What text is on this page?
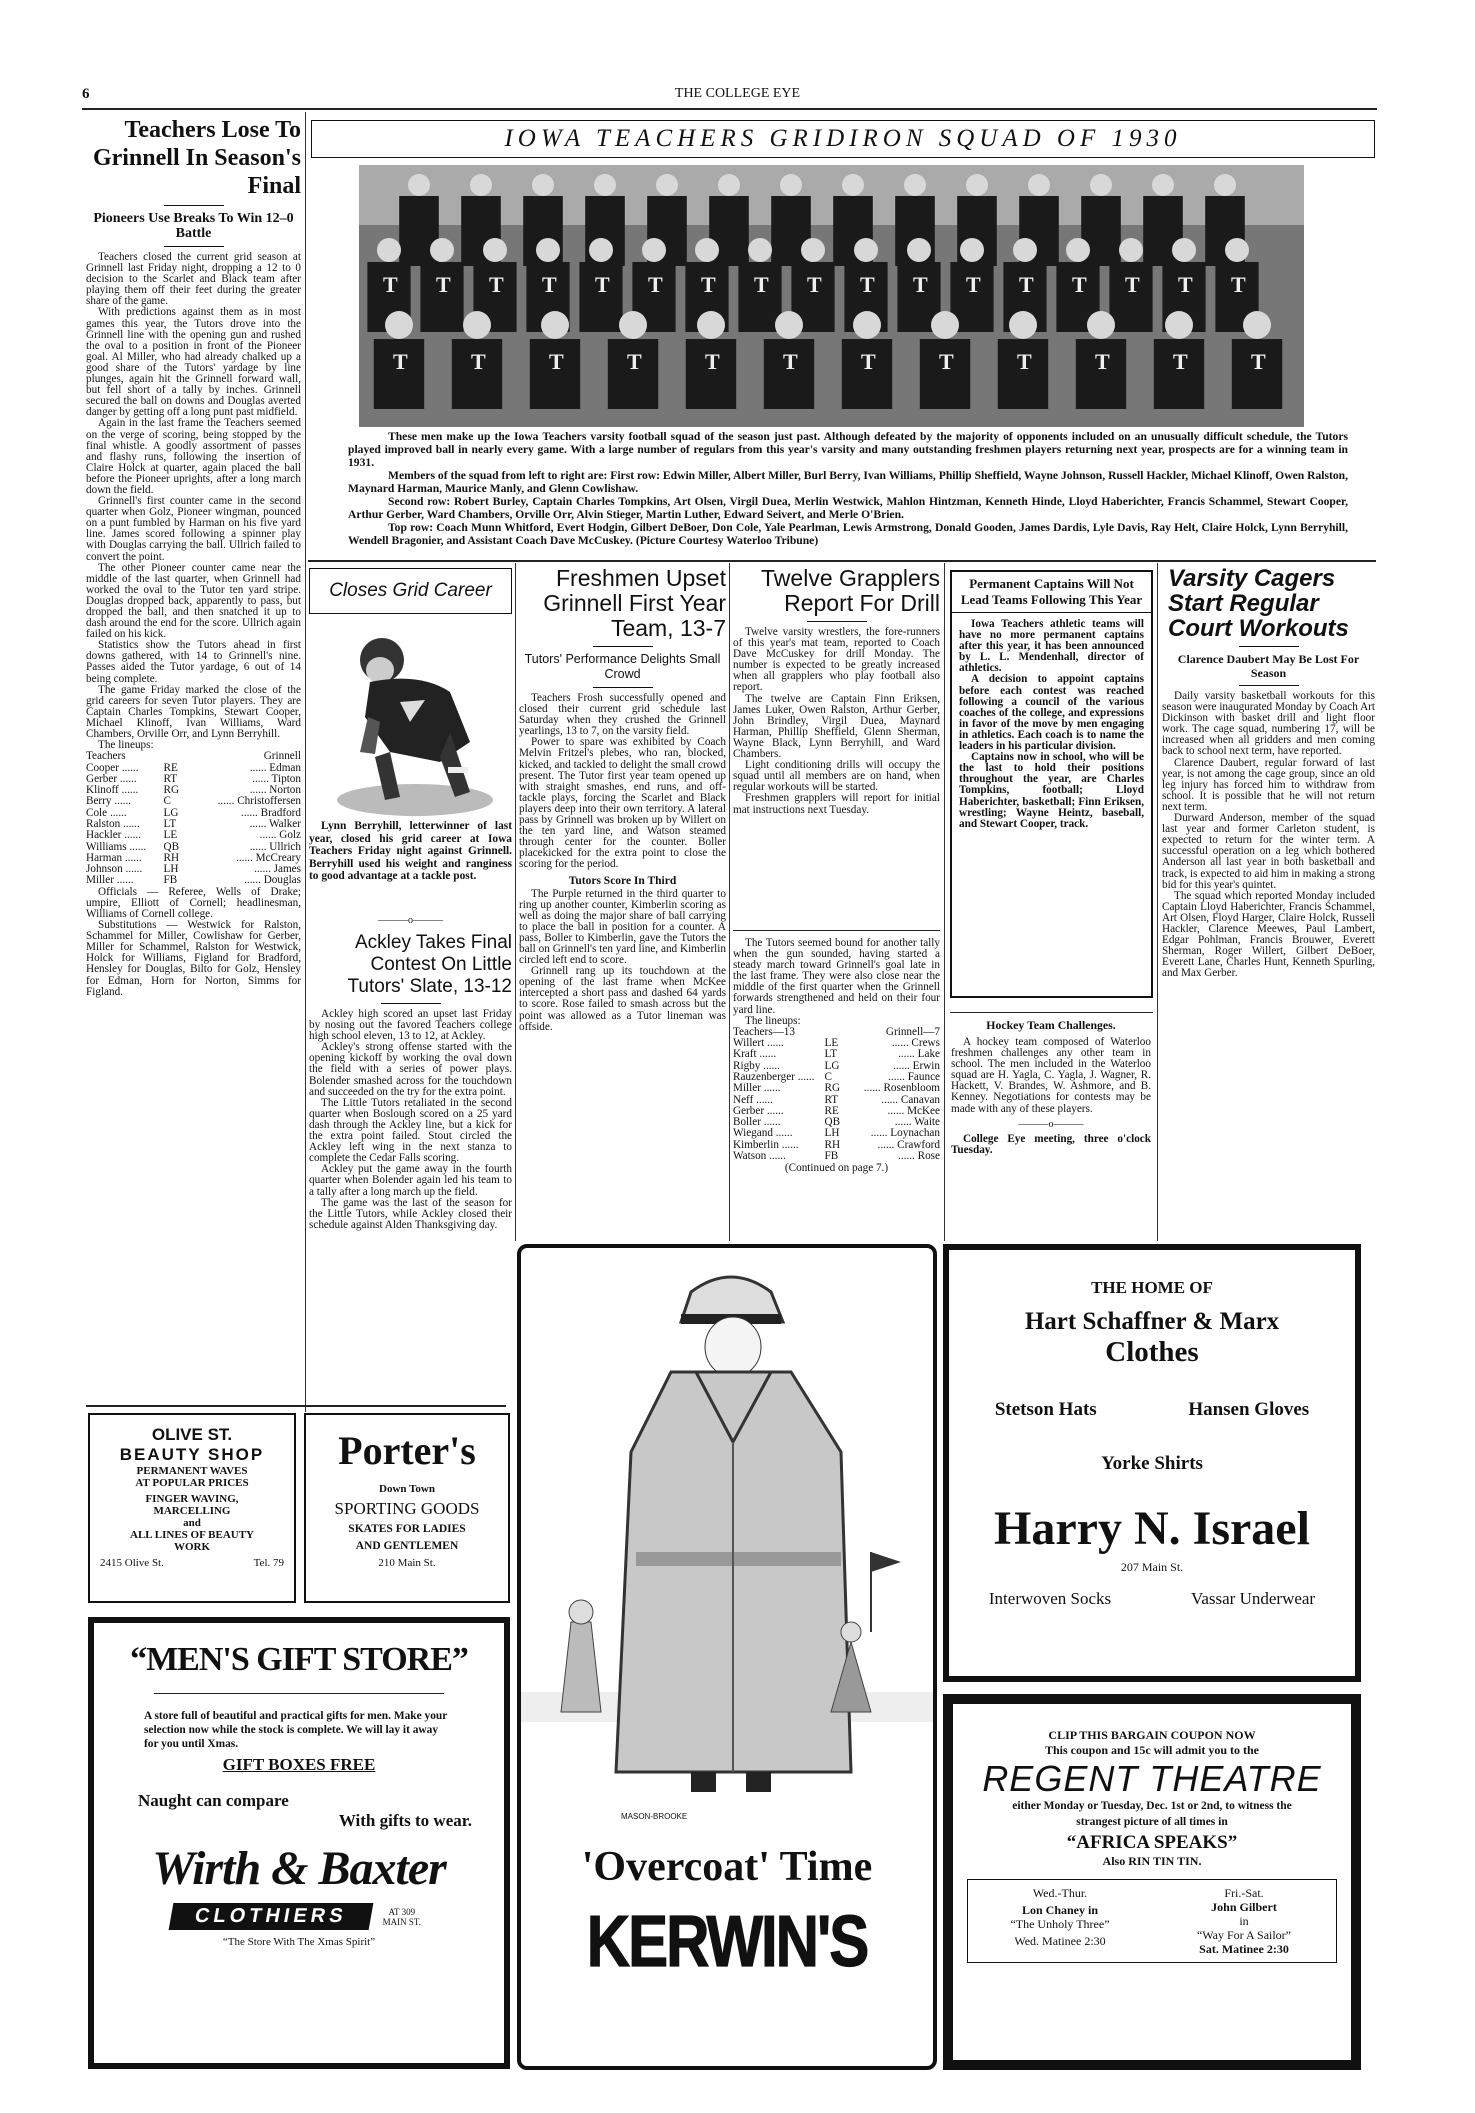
6	THE COLLEGE EYE
Teachers Lose To Grinnell In Season's Final
Pioneers Use Breaks To Win 12–0 Battle

Teachers closed the current grid season at Grinnell last Friday night, dropping a 12 to 0 decision to the Scarlet and Black team after playing them off their feet during the greater share of the game.

With predictions against them as in most games this year, the Tutors drove into the Grinnell line with the opening gun and rushed the oval to a position in front of the Pioneer goal. Al Miller, who had already chalked up a good share of the Tutors' yardage by line plunges, again hit the Grinnell forward wall, but fell short of a tally by inches. Grinnell secured the ball on downs and Douglas averted danger by getting off a long punt past midfield.

Again in the last frame the Teachers seemed on the verge of scoring, being stopped by the final whistle. A goodly assortment of passes and flashy runs, following the insertion of Claire Holck at quarter, again placed the ball before the Pioneer uprights, after a long march down the field.

Grinnell's first counter came in the second quarter when Golz, Pioneer wingman, pounced on a punt fumbled by Harman on his five yard line. James scored following a spinner play with Douglas carrying the ball. Ullrich failed to convert the point.

The other Pioneer counter came near the middle of the last quarter, when Grinnell had worked the oval to the Tutor ten yard stripe. Douglas dropped back, apparently to pass, but dropped the ball, and then snatched it up to dash around the end for the score. Ullrich again failed on his kick.

Statistics show the Tutors ahead in first downs gathered, with 14 to Grinnell's nine. Passes aided the Tutor yardage, 6 out of 14 being complete.

The game Friday marked the close of the grid careers for seven Tutor players. They are Captain Charles Tompkins, Stewart Cooper, Michael Klinoff, Ivan Williams, Ward Chambers, Orville Orr, and Lynn Berryhill.

The lineups:

Teachers		Grinnell
Cooper ......	RE	...... Edman
Gerber ......	RT	...... Tipton
Klinoff ......	RG	...... Norton
Berry ......	C	...... Christoffersen
Cole ......	LG	...... Bradford
Ralston ......	LT	...... Walker
Hackler ......	LE	...... Golz
Williams ......	QB	...... Ullrich
Harman ......	RH	...... McCreary
Johnson ......	LH	...... James
Miller ......	FB	...... Douglas

Officials — Referee, Wells of Drake; umpire, Elliott of Cornell; headlinesman, Williams of Cornell college.

Substitutions — Westwick for Ralston, Schammel for Miller, Cowlishaw for Gerber, Miller for Schammel, Ralston for Westwick, Holck for Williams, Figland for Bradford, Hensley for Douglas, Bilto for Golz, Hensley for Edman, Horn for Norton, Simms for Figland.

IOWA TEACHERS GRIDIRON SQUAD OF 1930
T T T T T T T T T T T T T T T T T
T	T	T	T	T	T	T	T	T	T	T	T

These men make up the Iowa Teachers varsity football squad of the season just past. Although defeated by the majority of opponents included on an unusually difficult schedule, the Tutors played improved ball in nearly every game. With a large number of regulars from this year's varsity and many outstanding freshmen players returning next year, prospects are for a winning team in 1931.

Members of the squad from left to right are: First row: Edwin Miller, Albert Miller, Burl Berry, Ivan Williams, Phillip Sheffield, Wayne Johnson, Russell Hackler, Michael Klinoff, Owen Ralston, Maynard Harman, Maurice Manly, and Glenn Cowlishaw.

Second row: Robert Burley, Captain Charles Tompkins, Art Olsen, Virgil Duea, Merlin Westwick, Mahlon Hintzman, Kenneth Hinde, Lloyd Haberichter, Francis Schammel, Stewart Cooper, Arthur Gerber, Ward Chambers, Orville Orr, Alvin Stieger, Martin Luther, Edward Seivert, and Merle O'Brien.

Top row: Coach Munn Whitford, Evert Hodgin, Gilbert DeBoer, Don Cole, Yale Pearlman, Lewis Armstrong, Donald Gooden, James Dardis, Lyle Davis, Ray Helt, Claire Holck, Lynn Berryhill, Wendell Bragonier, and Assistant Coach Dave McCuskey. (Picture Courtesy Waterloo Tribune)

Closes Grid Career
Lynn Berryhill, letterwinner of last year, closed his grid career at Iowa Teachers Friday night against Grinnell. Berryhill used his weight and ranginess to good advantage at a tackle post.
———o———
Ackley Takes Final Contest On Little Tutors' Slate, 13-12

Ackley high scored an upset last Friday by nosing out the favored Teachers college high school eleven, 13 to 12, at Ackley.

Ackley's strong offense started with the opening kickoff by working the oval down the field with a series of power plays. Bolender smashed across for the touchdown and succeeded on the try for the extra point.

The Little Tutors retaliated in the second quarter when Boslough scored on a 25 yard dash through the Ackley line, but a kick for the extra point failed. Stout circled the Ackley left wing in the next stanza to complete the Cedar Falls scoring.

Ackley put the game away in the fourth quarter when Bolender again led his team to a tally after a long march up the field.

The game was the last of the season for the Little Tutors, while Ackley closed their schedule against Alden Thanksgiving day.

Freshmen Upset Grinnell First Year Team, 13-7
Tutors' Performance Delights Small Crowd

Teachers Frosh successfully opened and closed their current grid schedule last Saturday when they crushed the Grinnell yearlings, 13 to 7, on the varsity field.

Power to spare was exhibited by Coach Melvin Fritzel's plebes, who ran, blocked, kicked, and tackled to delight the small crowd present. The Tutor first year team opened up with straight smashes, end runs, and off-tackle plays, forcing the Scarlet and Black players deep into their own territory. A lateral pass by Grinnell was broken up by Willert on the ten yard line, and Watson steamed through center for the counter. Boller placekicked for the extra point to close the scoring for the period.

Tutors Score In Third

The Purple returned in the third quarter to ring up another counter, Kimberlin scoring as well as doing the major share of ball carrying to place the ball in position for a counter. A pass, Boller to Kimberlin, gave the Tutors the ball on Grinnell's ten yard line, and Kimberlin circled left end to score.

Grinnell rang up its touchdown at the opening of the last frame when McKee intercepted a short pass and dashed 64 yards to score. Rose failed to smash across but the point was allowed as a Tutor lineman was offside.

Twelve Grapplers Report For Drill

Twelve varsity wrestlers, the fore-runners of this year's mat team, reported to Coach Dave McCuskey for drill Monday. The number is expected to be greatly increased when all grapplers who play football also report.

The twelve are Captain Finn Eriksen, James Luker, Owen Ralston, Arthur Gerber, John Brindley, Virgil Duea, Maynard Harman, Phillip Sheffield, Glenn Sherman, Wayne Black, Lynn Berryhill, and Ward Chambers.

Light conditioning drills will occupy the squad until all members are on hand, when regular workouts will be started.

Freshmen grapplers will report for initial mat instructions next Tuesday.

The Tutors seemed bound for another tally when the gun sounded, having started a steady march toward Grinnell's goal late in the last frame. They were also close near the middle of the first quarter when the Grinnell forwards strengthened and held on their four yard line.

The lineups:

Teachers—13		Grinnell—7
Willert ......	LE	...... Crews
Kraft ......	LT	...... Lake
Rigby ......	LG	...... Erwin
Rauzenberger ......	C	...... Faunce
Miller ......	RG	...... Rosenbloom
Neff ......	RT	...... Canavan
Gerber ......	RE	...... McKee
Boller ......	QB	...... Waite
Wiegand ......	LH	...... Loynachan
Kimberlin ......	RH	...... Crawford
Watson ......	FB	...... Rose
(Continued on page 7.)
Permanent Captains Will Not Lead Teams Following This Year

Iowa Teachers athletic teams will have no more permanent captains after this year, it has been announced by L. L. Mendenhall, director of athletics.

A decision to appoint captains before each contest was reached following a council of the various coaches of the college, and expressions in favor of the move by men engaging in athletics. Each coach is to name the leaders in his particular division.

Captains now in school, who will be the last to hold their positions throughout the year, are Charles Tompkins, football; Lloyd Haberichter, basketball; Finn Eriksen, wrestling; Wayne Heintz, baseball, and Stewart Cooper, track.

Hockey Team Challenges.

A hockey team composed of Waterloo freshmen challenges any other team in school. The men included in the Waterloo squad are H. Yagla, C. Yagla, J. Wagner, R. Hackett, V. Brandes, W. Ashmore, and B. Kenney. Negotiations for contests may be made with any of these players.

———o———

College Eye meeting, three o'clock Tuesday.

Varsity Cagers Start Regular Court Workouts
Clarence Daubert May Be Lost For Season

Daily varsity basketball workouts for this season were inaugurated Monday by Coach Art Dickinson with basket drill and light floor work. The cage squad, numbering 17, will be increased when all gridders and men coming back to school next term, have reported.

Clarence Daubert, regular forward of last year, is not among the cage group, since an old leg injury has forced him to withdraw from school. It is possible that he will not return next term.

Durward Anderson, member of the squad last year and former Carleton student, is expected to return for the winter term. A successful operation on a leg which bothered Anderson all last year in both basketball and track, is expected to aid him in making a strong bid for this year's quintet.

The squad which reported Monday included Captain Lloyd Haberichter, Francis Schammel, Art Olsen, Floyd Harger, Claire Holck, Russell Hackler, Clarence Meewes, Paul Lambert, Edgar Pohlman, Francis Brouwer, Everett Sherman, Roger Willert, Gilbert DeBoer, Everett Lane, Charles Hunt, Kenneth Spurling, and Max Gerber.

OLIVE ST.
BEAUTY SHOP
PERMANENT WAVES
AT POPULAR PRICES
FINGER WAVING,
MARCELLING
and
ALL LINES OF BEAUTY
WORK
2415 Olive St.	Tel. 79
Porter's
Down Town
SPORTING GOODS
SKATES FOR LADIES
AND GENTLEMEN
210 Main St.
“MEN'S GIFT STORE”
A store full of beautiful and practical gifts for men. Make your selection now while the stock is complete. We will lay it away for you until Xmas.
GIFT BOXES FREE
Naught can compare
With gifts to wear.
Wirth & Baxter
CLOTHIERS	AT 309 MAIN ST.
“The Store With The Xmas Spirit”
MASON-BROOKE
'Overcoat' Time
KERWIN'S
THE HOME OF
Hart Schaffner & Marx
Clothes
Stetson Hats	Hansen Gloves
Yorke Shirts
Harry N. Israel
207 Main St.
Interwoven Socks	Vassar Underwear
CLIP THIS BARGAIN COUPON NOW
This coupon and 15c will admit you to the
REGENT THEATRE
either Monday or Tuesday, Dec. 1st or 2nd, to witness the
strangest picture of all times in
“AFRICA SPEAKS”
Also RIN TIN TIN.
Wed.-Thur.
Lon Chaney in
“The Unholy Three”
Wed. Matinee 2:30
Fri.-Sat.
John Gilbert
in
“Way For A Sailor”
Sat. Matinee 2:30
